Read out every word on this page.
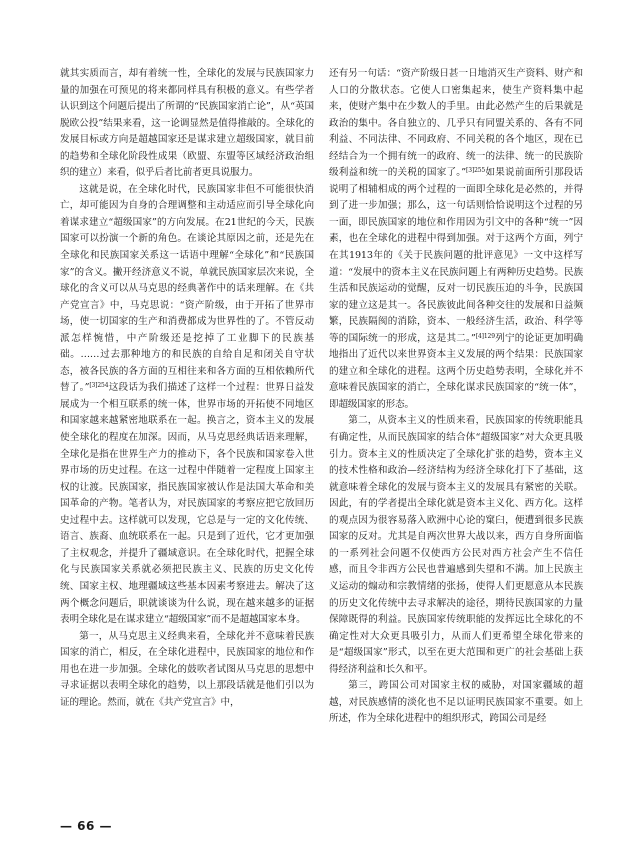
就其实质而言，却有着统一性，全球化的发展与民族国家力量的加强在可预见的将来都同样具有积极的意义。有些学者认识到这个问题后提出了所谓的“民族国家消亡论”，从“英国脱欧公投”结果来看，这一论调显然是值得推敲的。全球化的发展目标或方向是超越国家还是谋求建立超级国家，就目前的趋势和全球化阶段性成果（欧盟、东盟等区域经济政治组织的建立）来看，似乎后者比前者更具说服力。

这就是说，在全球化时代，民族国家非但不可能很快消亡，却可能因为自身的合理调整和主动适应而引导全球化向着谋求建立“超级国家”的方向发展。在21世纪的今天，民族国家可以扮演一个新的角色。在谈论其原因之前，还是先在全球化和民族国家关系这一话语中理解“全球化”和“民族国家”的含义。撇开经济意义不说，单就民族国家层次来说，全球化的含义可以从马克思的经典著作中的话来理解。在《共产党宣言》中，马克思说：“资产阶级，由于开拓了世界市场，使一切国家的生产和消费都成为世界性的了。不管反动派怎样惋惜，中产阶级还是挖掉了工业脚下的民族基础。……过去那种地方的和民族的自给自足和闭关自守状态，被各民族的各方面的互相往来和各方面的互相依赖所代替了。”$^{[3]254}$这段话为我们描述了这样一个过程：世界日益发展成为一个相互联系的统一体，世界市场的开拓使不同地区和国家越来越紧密地联系在一起。换言之，资本主义的发展使全球化的程度在加深。因而，从马克思经典话语来理解，全球化是指在世界生产力的推动下，各个民族和国家卷入世界市场的历史过程。在这一过程中伴随着一定程度上国家主权的让渡。民族国家，指民族国家被认作是法国大革命和美国革命的产物。笔者认为，对民族国家的考察应把它放回历史过程中去。这样就可以发现，它总是与一定的文化传统、语言、族裔、血统联系在一起。只是到了近代，它才更加强了主权观念，并提升了疆域意识。在全球化时代，把握全球化与民族国家关系就必须把民族主义、民族的历史文化传统、国家主权、地理疆域这些基本因素考察进去。解决了这两个概念问题后，职就谈谈为什么说，现在越来越多的证据表明全球化是在谋求建立“超级国家”而不是超越国家本身。

第一，从马克思主义经典来看，全球化并不意味着民族国家的消亡，相反，在全球化进程中，民族国家的地位和作用也在进一步加强。全球化的鼓吹者试图从马克思的思想中寻求证据以表明全球化的趋势，以上那段话就是他们引以为证的理论。然而，就在《共产党宣言》中，

还有另一句话：“资产阶级日甚一日地消灭生产资料、财产和人口的分散状态。它使人口密集起来，使生产资料集中起来，使财产集中在少数人的手里。由此必然产生的后果就是政治的集中。各自独立的、几乎只有同盟关系的、各有不同利益、不同法律、不同政府、不同关税的各个地区，现在已经结合为一个拥有统一的政府、统一的法律、统一的民族阶级利益和统一的关税的国家了。”$^{[3]255}$如果说前面所引那段话说明了相辅相成的两个过程的一面即全球化是必然的，并得到了进一步加强；那么，这一句话则恰恰说明这个过程的另一面，即民族国家的地位和作用因为引文中的各种“统一”因素，也在全球化的进程中得到加强。对于这两个方面，列宁在其1913年的《关于民族问题的批评意见》一文中这样写道：“发展中的资本主义在民族问题上有两种历史趋势。民族生活和民族运动的觉醒，反对一切民族压迫的斗争，民族国家的建立这是其一。各民族彼此间各种交往的发展和日益频繁，民族隔阂的消除，资本、一般经济生活，政治、科学等等的国际统一的形成，这是其二。”$^{[4]129}$列宁的论证更加明确地指出了近代以来世界资本主义发展的两个结果：民族国家的建立和全球化的进程。这两个历史趋势表明，全球化并不意味着民族国家的消亡，全球化谋求民族国家的“统一体”，即超级国家的形态。

第二，从资本主义的性质来看，民族国家的传统职能具有确定性，从而民族国家的结合体“超级国家”对大众更具吸引力。资本主义的性质决定了全球化扩张的趋势，资本主义的技术性格和政治—经济结构为经济全球化打下了基础，这就意味着全球化的发展与资本主义的发展具有紧密的关联。因此，有的学者提出全球化就是资本主义化、西方化。这样的观点因为很容易落入欧洲中心论的窠臼，便遭到很多民族国家的反对。尤其是自两次世界大战以来，西方自身所面临的一系列社会问题不仅使西方公民对西方社会产生不信任感，而且令非西方公民也普遍感到失望和不满。加上民族主义运动的煽动和宗教情绪的张扬，使得人们更愿意从本民族的历史文化传统中去寻求解决的途径，期待民族国家的力量保障既得的利益。民族国家传统职能的发挥远比全球化的不确定性对大众更具吸引力，从而人们更希望全球化带来的是“超级国家”形式，以至在更大范围和更广的社会基础上获得经济利益和长久和平。

第三，跨国公司对国家主权的威胁，对国家疆域的超越，对民族感情的淡化也不足以证明民族国家不重要。如上所述，作为全球化进程中的组织形式，跨国公司是经

— 66 —
